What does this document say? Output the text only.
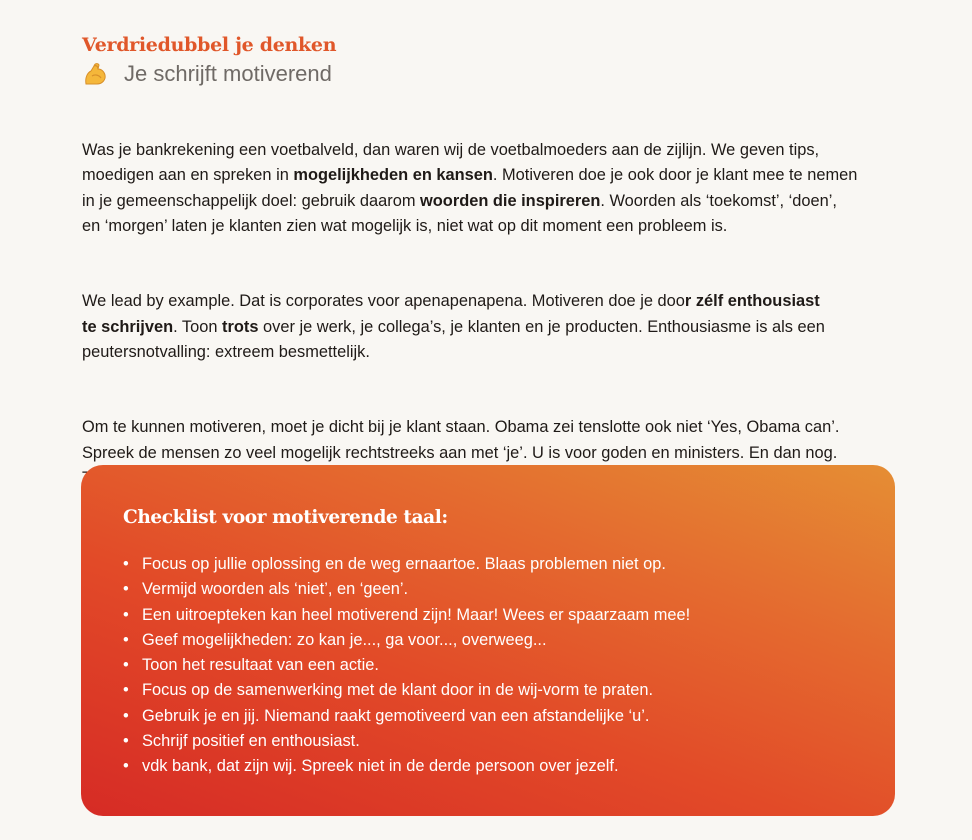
Verdriedubbel je denken
Je schrijft motiverend

Was je bankrekening een voetbalveld, dan waren wij de voetbalmoeders aan de zijlijn. We geven tips,
moedigen aan en spreken in mogelijkheden en kansen. Motiveren doe je ook door je klant mee te nemen
in je gemeenschappelijk doel: gebruik daarom woorden die inspireren. Woorden als ‘toekomst’, ‘doen’,
en ‘morgen’ laten je klanten zien wat mogelijk is, niet wat op dit moment een probleem is.

We lead by example. Dat is corporates voor apenapenapena. Motiveren doe je door zélf enthousiast
te schrijven. Toon trots over je werk, je collega’s, je klanten en je producten. Enthousiasme is als een
peutersnotvalling: extreem besmettelijk.

Om te kunnen motiveren, moet je dicht bij je klant staan. Obama zei tenslotte ook niet ‘Yes, Obama can’.
Spreek de mensen zo veel mogelijk rechtstreeks aan met ‘je’. U is voor goden en ministers. En dan nog.

Checklist voor motiverende taal:
• Focus op jullie oplossing en de weg ernaartoe. Blaas problemen niet op.
• Vermijd woorden als ‘niet’, en ‘geen’.
• Een uitroepteken kan heel motiverend zijn! Maar! Wees er spaarzaam mee!
• Geef mogelijkheden: zo kan je..., ga voor..., overweeg...
• Toon het resultaat van een actie.
• Focus op de samenwerking met de klant door in de wij-vorm te praten.
• Gebruik je en jij. Niemand raakt gemotiveerd van een afstandelijke ‘u’.
• Schrijf positief en enthousiast.
• vdk bank, dat zijn wij. Spreek niet in de derde persoon over jezelf.
